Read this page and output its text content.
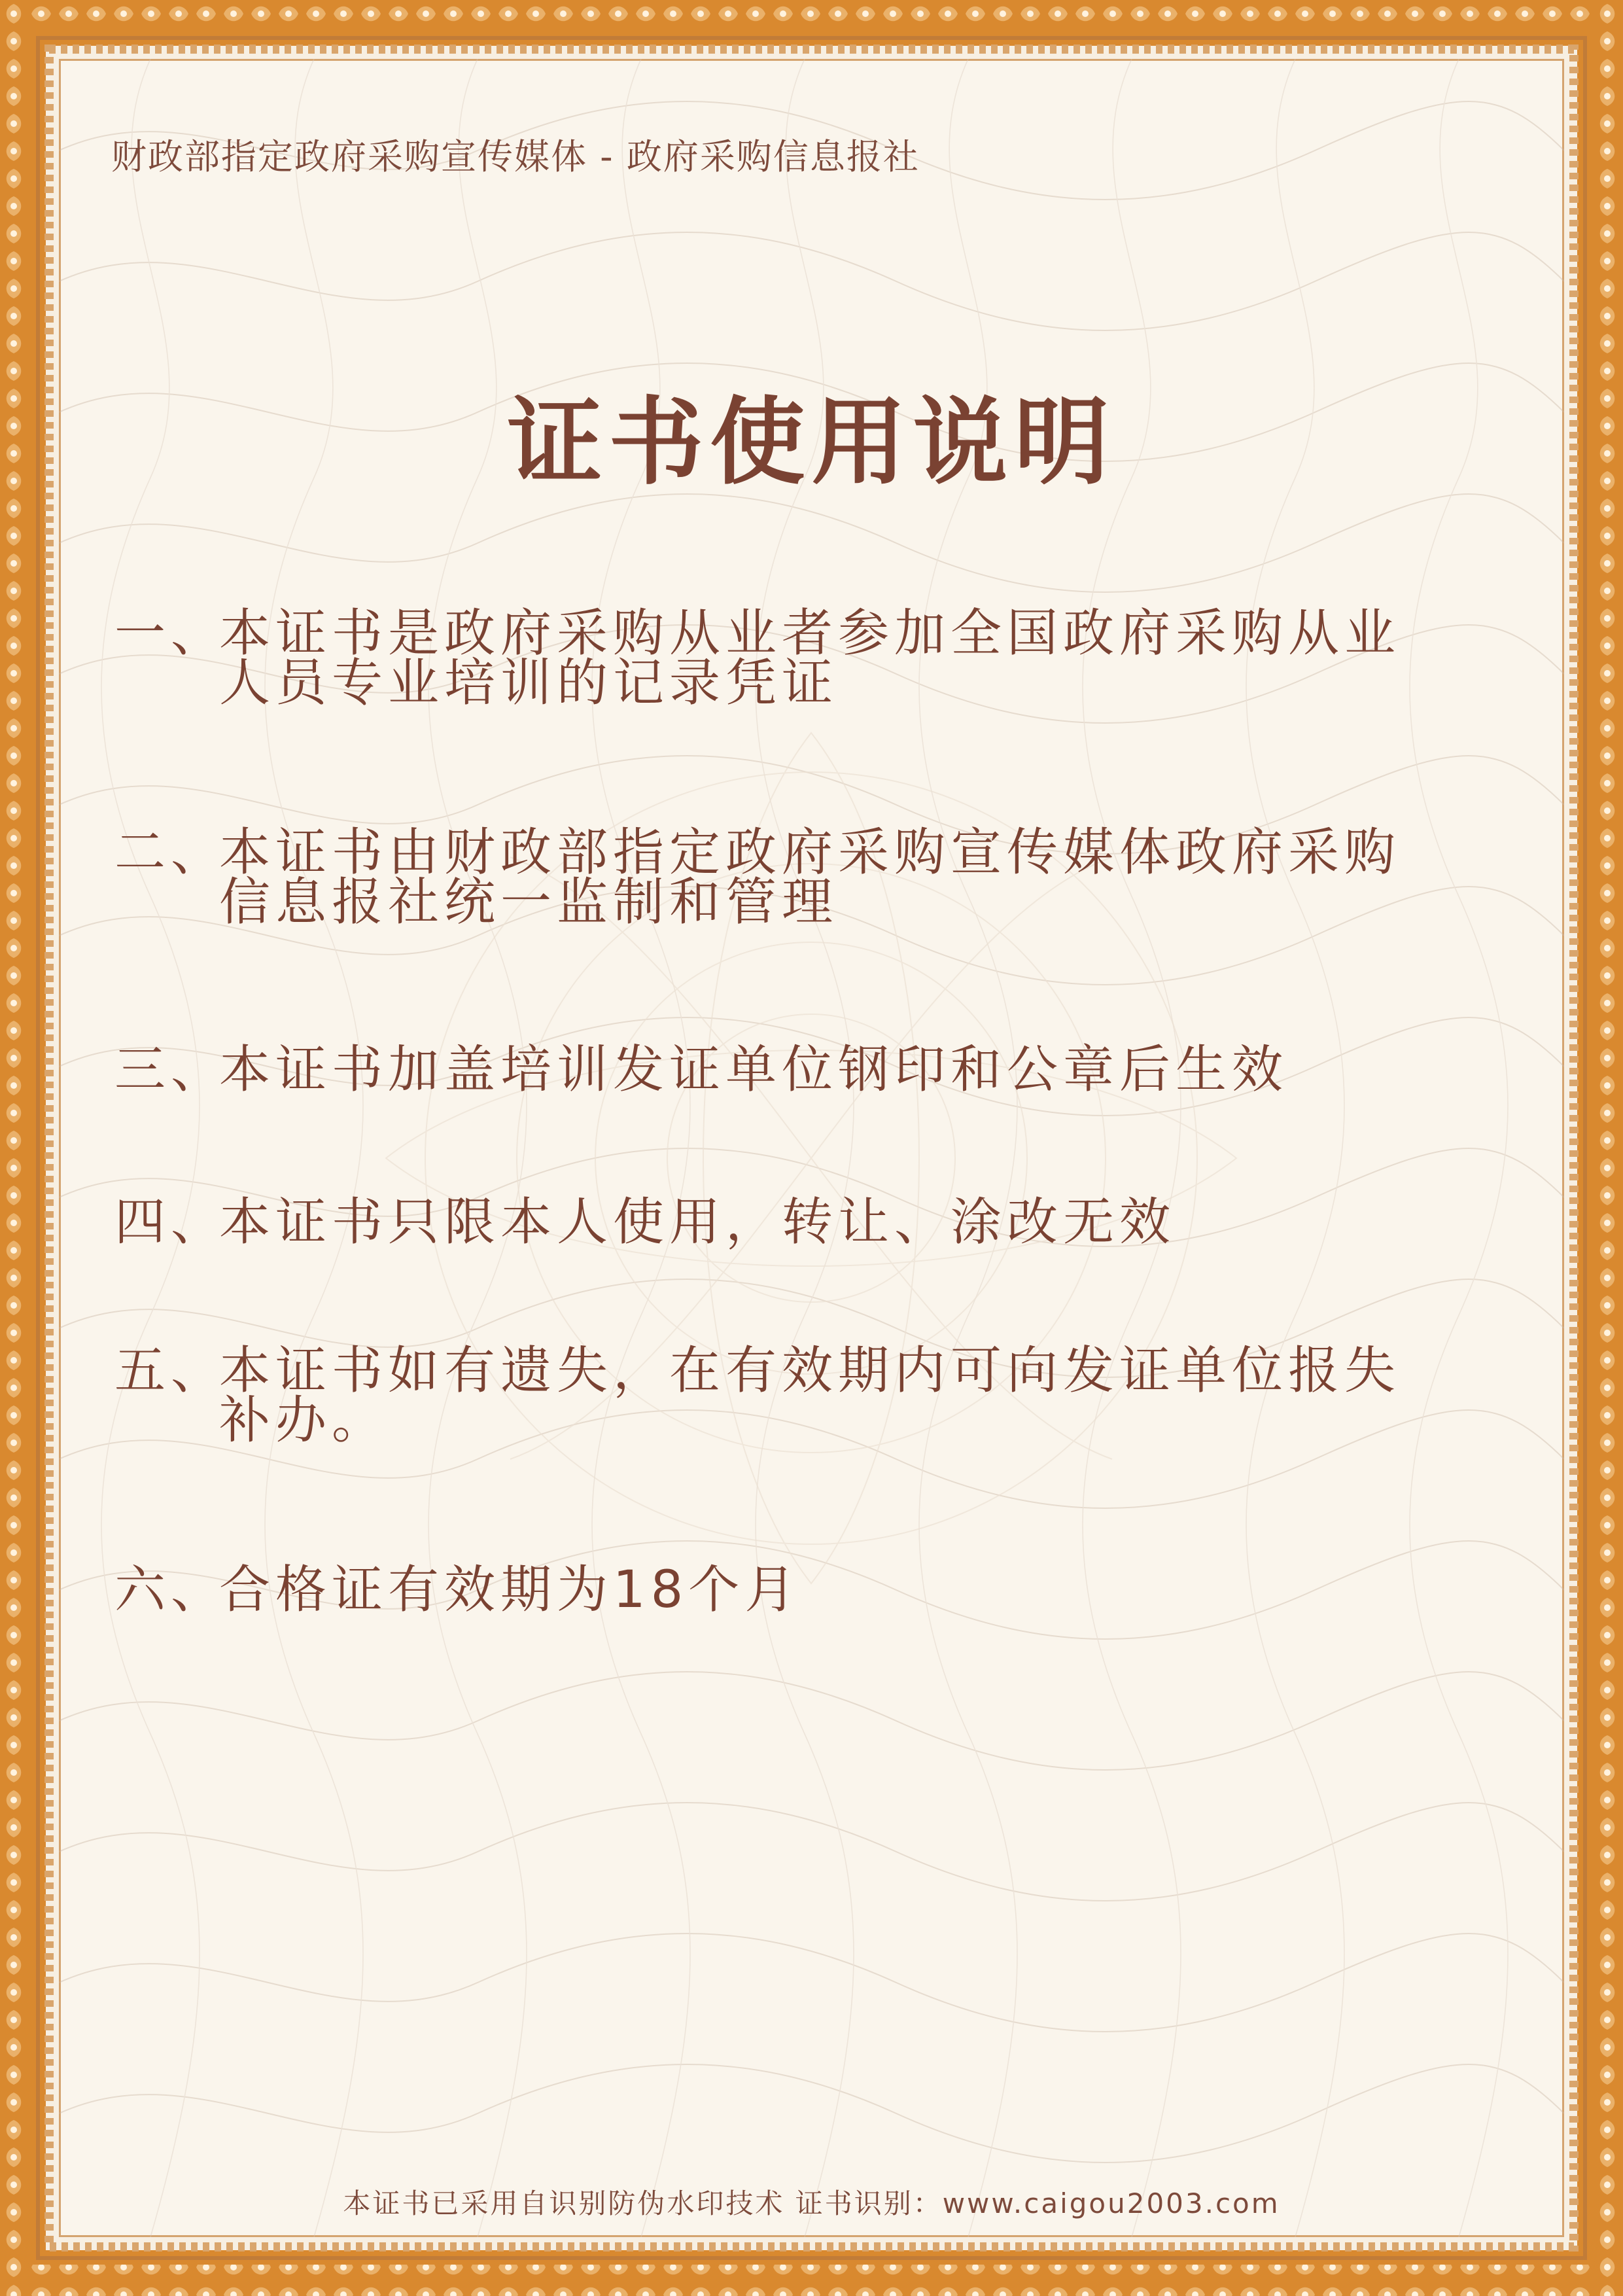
财政部指定政府采购宣传媒体 - 政府采购信息报社
证书使用说明
一、本证书是政府采购从业者参加全国政府采购从业人员专业培训的记录凭证
二、本证书由财政部指定政府采购宣传媒体政府采购信息报社统一监制和管理
三、本证书加盖培训发证单位钢印和公章后生效
四、本证书只限本人使用，转让、涂改无效
五、本证书如有遗失，在有效期内可向发证单位报失补办。
六、合格证有效期为18个月
本证书已采用自识别防伪水印技术 证书识别：www.caigou2003.com
